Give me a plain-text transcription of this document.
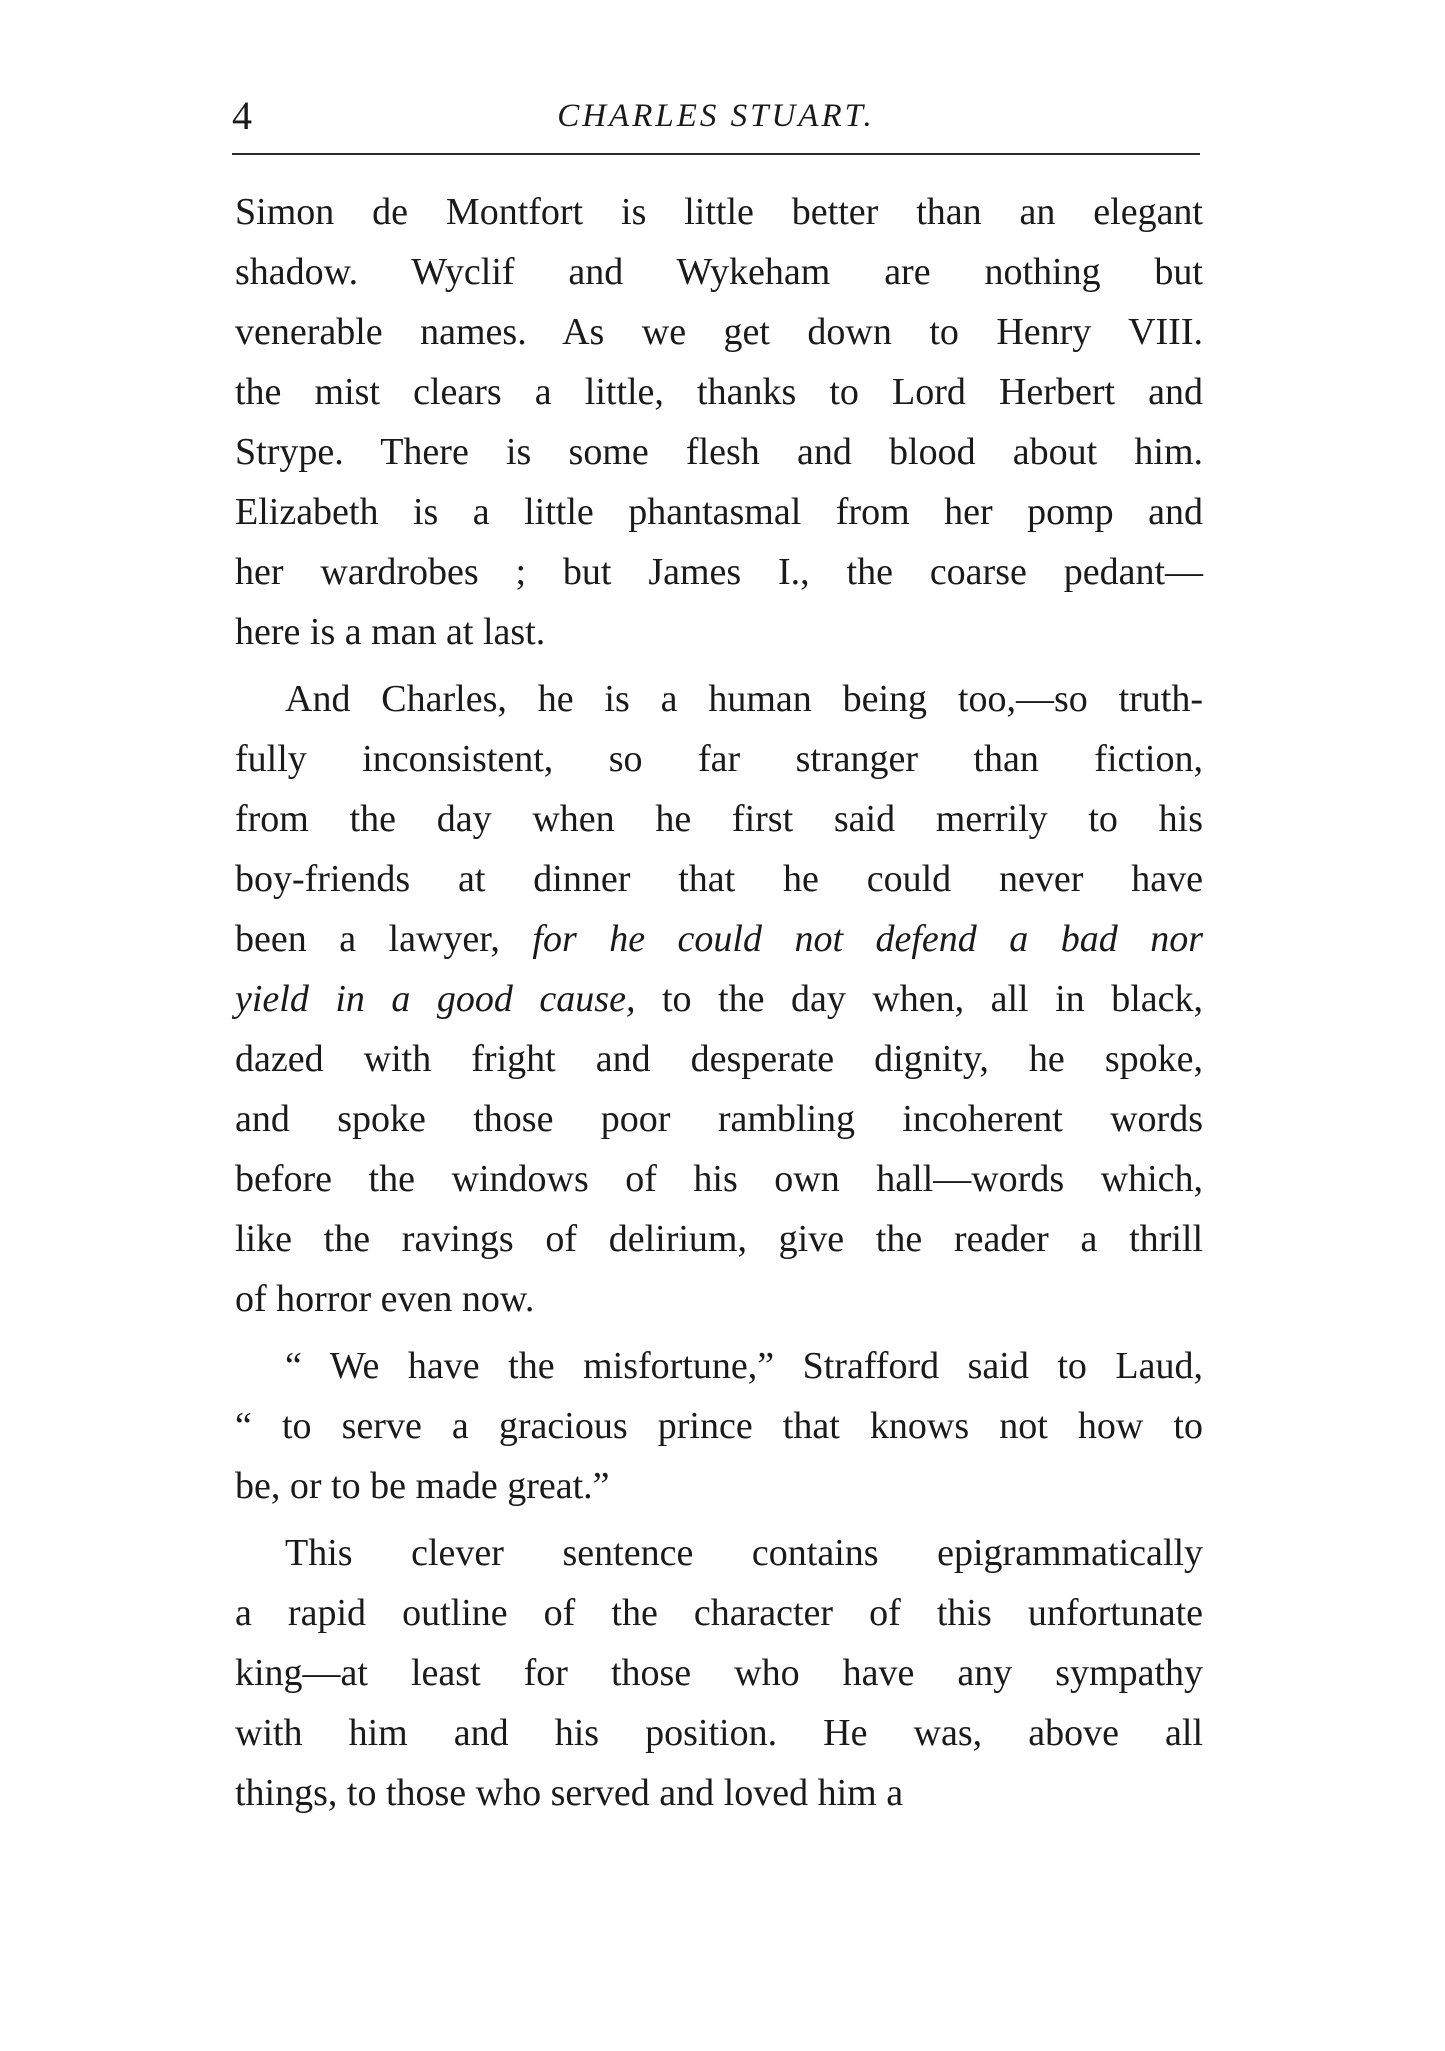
4	CHARLES STUART.
Simon de Montfort is little better than an elegant
shadow. Wyclif and Wykeham are nothing but
venerable names. As we get down to Henry VIII.
the mist clears a little, thanks to Lord Herbert and
Strype. There is some flesh and blood about him.
Elizabeth is a little phantasmal from her pomp and
her wardrobes ; but James I., the coarse pedant—
here is a man at last.
And Charles, he is a human being too,—so truth-
fully inconsistent, so far stranger than fiction,
from the day when he first said merrily to his
boy-friends at dinner that he could never have
been a lawyer, for he could not defend a bad nor
yield in a good cause, to the day when, all in black,
dazed with fright and desperate dignity, he spoke,
and spoke those poor rambling incoherent words
before the windows of his own hall—words which,
like the ravings of delirium, give the reader a thrill
of horror even now.
“ We have the misfortune,” Strafford said to Laud,
“ to serve a gracious prince that knows not how to
be, or to be made great.”
This clever sentence contains epigrammatically
a rapid outline of the character of this unfortunate
king—at least for those who have any sympathy
with him and his position. He was, above all
things, to those who served and loved him a
